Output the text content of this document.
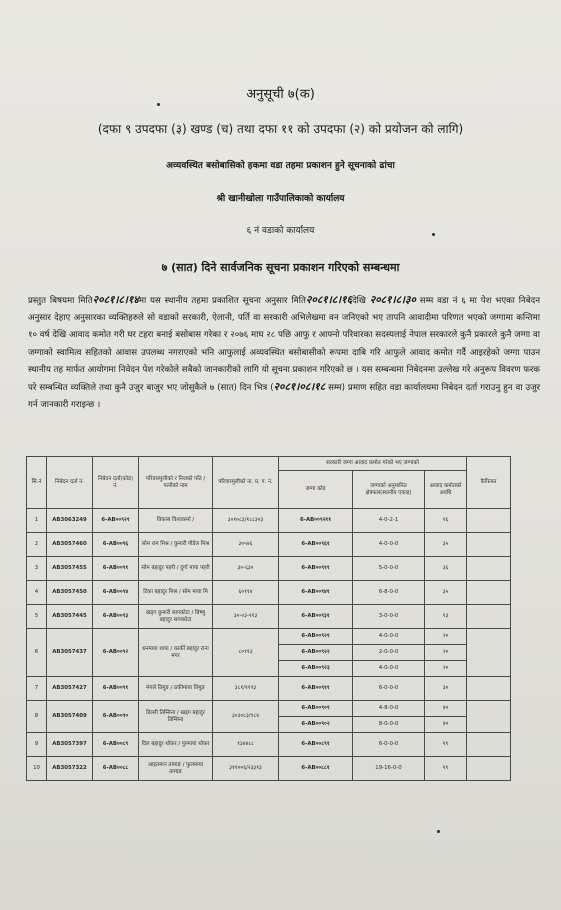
अनुसूची ७(क)
(दफा ९ उपदफा (३) खण्ड (च) तथा दफा ११ को उपदफा (२) को प्रयोजन को लागि)
अव्यवस्थित बसोबासिको हकमा वडा तहमा प्रकाशन हुने सूचनाको ढांचा
श्री खानीखोला गाउँपालिकाको कार्यालय
६ नं वडाको कार्यालय
७ (सात) दिने सार्वजनिक सूचना प्रकाशन गरिएको सम्बन्धमा
प्रस्तुत बिषयमा मिति२०८१।८।१४मा यस स्थानीय तहमा प्रकाशित सूचना अनुसार मिति२०८१।८।१६देखि २०८१।८।३० सम्म वडा नं ६ मा पेश भएका निबेदन अनुसार देहाए अनुसारका व्यक्तिहरुले सो वडाको सरकारी, ऐलानी, पर्ति वा सरकारी अभिलेखमा वन जनिएको भए तापनि आवादीमा परिणत भएको जग्गामा कन्तिमा १० वर्ष देखि आवाद कमोत गरी घर टहरा बनाई बसोबास गरेका र २०७६ माघ २८ पछि आफु र आफ्नो परिवारका सदस्यलाई नेपाल सरकारले कुनै प्रकारले कुनै जग्गा वा जग्गाको स्वामित्व सहितको आवास उपलब्ध नगराएको भनि आफुलाई अव्यवस्थित बसोबासीको रूपमा दाबि गरि आफुले आवाद कमोत गर्दै आइरहेको जग्गा पाउन स्थानीय तह मार्फत आयोगमा निवेदन पेश गरेकोले सबैको जानकारीको लागि यो सूचना प्रकाशन गरिएको छ । यस सम्बन्धमा निबेदनमा उल्लेख गरे अनुरूप विवरण फरक परे सम्बन्धित व्यक्तिले तथा कुनै उजुर बाजुर भए जोसुकैले ७ (सात) दिन भित्र (२०८१।०८।१८ सम्म) प्रमाण सहित वडा कार्यालयमा निबेदन दर्ता गराउनु हुन वा उजुर गर्न जानकारी गराइन्छ ।
सि.नं	निबेदन दर्ता नं.	निबेदन दर्ता(कोड) नं.	परिवारमुलीको र निजको पति / पत्नीको नाम	परिवारमुलीको ना. प्र. प. नं.	सरकारी जग्गा आवाद कमोत गरेको भए जग्गाको			कैफियत
					जग्गा कोड	जग्गाको अनुमानित क्षेत्रफल(स्थानीय एकाइ)	आवाद कमोतको अवधि	
1	AB3063249	6-AB००९२१	विकास विश्वकर्मा /	३०१०८३/१८८३०३	6-AB००९२११	4-0-2-1	१६	
2	AB3057460	6-AB००९६	सोम राम मिश्र / कुमारी पौडेल मिश्र	३०५४६	6-AB००९६१	4-0-0-0	३५	
3	AB3057455	6-AB००९१	सोम बहादुर पहरी / दुर्गा माया पहरी	३०-६३०	6-AB००९११	5-0-0-0	३६	
4	AB3057450	6-AB००९४	टिका बहादुर मिश्र / सोम माया मि	६०११४	6-AB००९४१	6-8-0-0	३५	
5	AB3057445	6-AB००९३	खड्ग कुमारी सापकोटा / बिष्णु बहादुर सापकोटा	३०-०३-११३	6-AB००९३१	3-0-0-0	१३	
6	AB3057437	6-AB००९२	धनमाया थापा / कार्की बहादुर राना मगर	८०११३	6-AB००९२१	4-0-0-0	२०	
					6-AB००९२२	2-0-0-0	२०	
					6-AB००९२३	4-0-0-0	२०	
7	AB3057427	6-AB००९१	मंगले तिमुङ / ठकीमाया तिमुङ	३८१/११९३	6-AB००९११	6-0-0-0	३०	
8	AB3057409	6-AB००९०	डिल्ली तिम्सिना / खड्ग बहादुर तिम्सिना	३०३०८३/९८४	6-AB००९०१	4-8-0-0	४०	
					6-AB००९०२	8-0-0-0	४०	
9	AB3057397	6-AB००८९	दिल बहादुर थोकर / पुल्माया थोकर	१३४४८८	6-AB००८९१	6-0-0-0	११	
10	AB3057322	6-AB००८८	आइतमान तामाङ / फुलमाया तामाङ	३११००६/२३३१३	6-AB००८८१	19-16-0-0	११	
